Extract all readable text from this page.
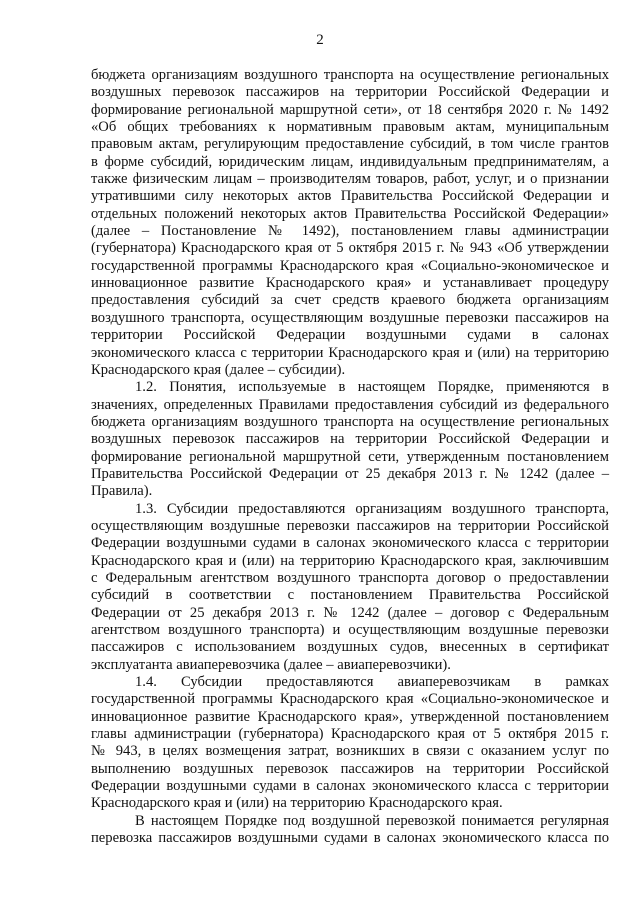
2

бюджета организациям воздушного транспорта на осуществление региональных
воздушных перевозок пассажиров на территории Российской Федерации и
формирование региональной маршрутной сети», от 18 сентября 2020 г. № 1492
«Об общих требованиях к нормативным правовым актам, муниципальным
правовым актам, регулирующим предоставление субсидий, в том числе грантов
в форме субсидий, юридическим лицам, индивидуальным предпринимателям, а
также физическим лицам – производителям товаров, работ, услуг, и о признании
утратившими силу некоторых актов Правительства Российской Федерации и
отдельных положений некоторых актов Правительства Российской Федерации»
(далее – Постановление № 1492), постановлением главы администрации
(губернатора) Краснодарского края от 5 октября 2015 г. № 943 «Об утверждении
государственной программы Краснодарского края «Социально-экономическое и
инновационное развитие Краснодарского края» и устанавливает процедуру
предоставления субсидий за счет средств краевого бюджета организациям
воздушного транспорта, осуществляющим воздушные перевозки пассажиров на
территории Российской Федерации воздушными судами в салонах
экономического класса с территории Краснодарского края и (или) на территорию
Краснодарского края (далее – субсидии).

1.2. Понятия, используемые в настоящем Порядке, применяются в
значениях, определенных Правилами предоставления субсидий из федерального
бюджета организациям воздушного транспорта на осуществление региональных
воздушных перевозок пассажиров на территории Российской Федерации и
формирование региональной маршрутной сети, утвержденным постановлением
Правительства Российской Федерации от 25 декабря 2013 г. № 1242 (далее –
Правила).

1.3. Субсидии предоставляются организациям воздушного транспорта,
осуществляющим воздушные перевозки пассажиров на территории Российской
Федерации воздушными судами в салонах экономического класса с территории
Краснодарского края и (или) на территорию Краснодарского края, заключившим
с Федеральным агентством воздушного транспорта договор о предоставлении
субсидий в соответствии с постановлением Правительства Российской
Федерации от 25 декабря 2013 г. № 1242 (далее – договор с Федеральным
агентством воздушного транспорта) и осуществляющим воздушные перевозки
пассажиров с использованием воздушных судов, внесенных в сертификат
эксплуатанта авиаперевозчика (далее – авиаперевозчики).

1.4. Субсидии предоставляются авиаперевозчикам в рамках
государственной программы Краснодарского края «Социально-экономическое и
инновационное развитие Краснодарского края», утвержденной постановлением
главы администрации (губернатора) Краснодарского края от 5 октября 2015 г.
№ 943, в целях возмещения затрат, возникших в связи с оказанием услуг по
выполнению воздушных перевозок пассажиров на территории Российской
Федерации воздушными судами в салонах экономического класса с территории
Краснодарского края и (или) на территорию Краснодарского края.

В настоящем Порядке под воздушной перевозкой понимается регулярная
перевозка пассажиров воздушными судами в салонах экономического класса по
